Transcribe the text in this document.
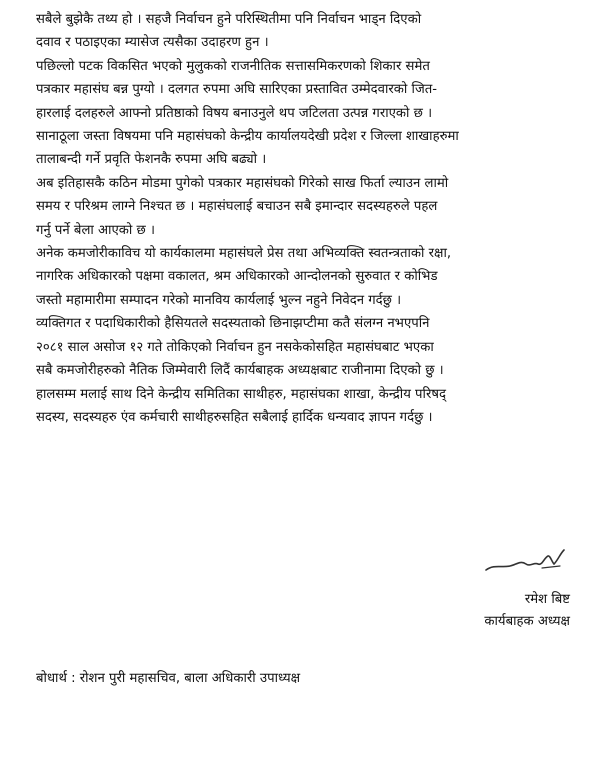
सबैले बुझेकै तथ्य हो । सहजै निर्वाचन हुने परिस्थितीमा पनि निर्वाचन भाड्न दिएको
दवाव र पठाइएका म्यासेज त्यसैका उदाहरण हुन ।

पछिल्लो पटक विकसित भएको मुलुकको राजनीतिक सत्तासमिकरणको शिकार समेत
पत्रकार महासंघ बन्न पुग्यो । दलगत रुपमा अघि सारिएका प्रस्तावित उम्मेदवारको जित-
हारलाई दलहरुले आफ्नो प्रतिष्ठाको विषय बनाउनुले थप जटिलता उत्पन्न गराएको छ ।

सानाठूला जस्ता विषयमा पनि महासंघको केन्द्रीय कार्यालयदेखी प्रदेश र जिल्ला शाखाहरुमा
तालाबन्दी गर्ने प्रवृति फेशनकै रुपमा अघि बढ्यो ।

अब इतिहासकै कठिन मोडमा पुगेको पत्रकार महासंघको गिरेको साख फिर्ता ल्याउन लामो
समय र परिश्रम लाग्ने निश्चत छ । महासंघलाई बचाउन सबै इमान्दार सदस्यहरुले पहल
गर्नु पर्ने बेला आएको छ ।

अनेक कमजोरीकाविच यो कार्यकालमा महासंघले प्रेस तथा अभिव्यक्ति स्वतन्त्रताको रक्षा,
नागरिक अधिकारको पक्षमा वकालत, श्रम अधिकारको आन्दोलनको सुरुवात र कोभिड
जस्तो महामारीमा सम्पादन गरेको मानविय कार्यलाई भुल्न नहुने निवेदन गर्दछु ।

व्यक्तिगत र पदाधिकारीको हैसियतले सदस्यताको छिनाझप्टीमा कतै संलग्न नभएपनि
२०८१ साल असोज १२ गते तोकिएको निर्वाचन हुन नसकेकोसहित महासंघबाट भएका
सबै कमजोरीहरुको नैतिक जिम्मेवारी लिदैं कार्यबाहक अध्यक्षबाट राजीनामा दिएको छु ।

हालसम्म मलाई साथ दिने केन्द्रीय समितिका साथीहरु, महासंघका शाखा, केन्द्रीय परिषद्
सदस्य, सदस्यहरु एंव कर्मचारी साथीहरुसहित सबैलाई हार्दिक धन्यवाद ज्ञापन गर्दछु ।

रमेश बिष्ट
कार्यबाहक अध्यक्ष
बोधार्थ : रोशन पुरी महासचिव, बाला अधिकारी उपाध्यक्ष
